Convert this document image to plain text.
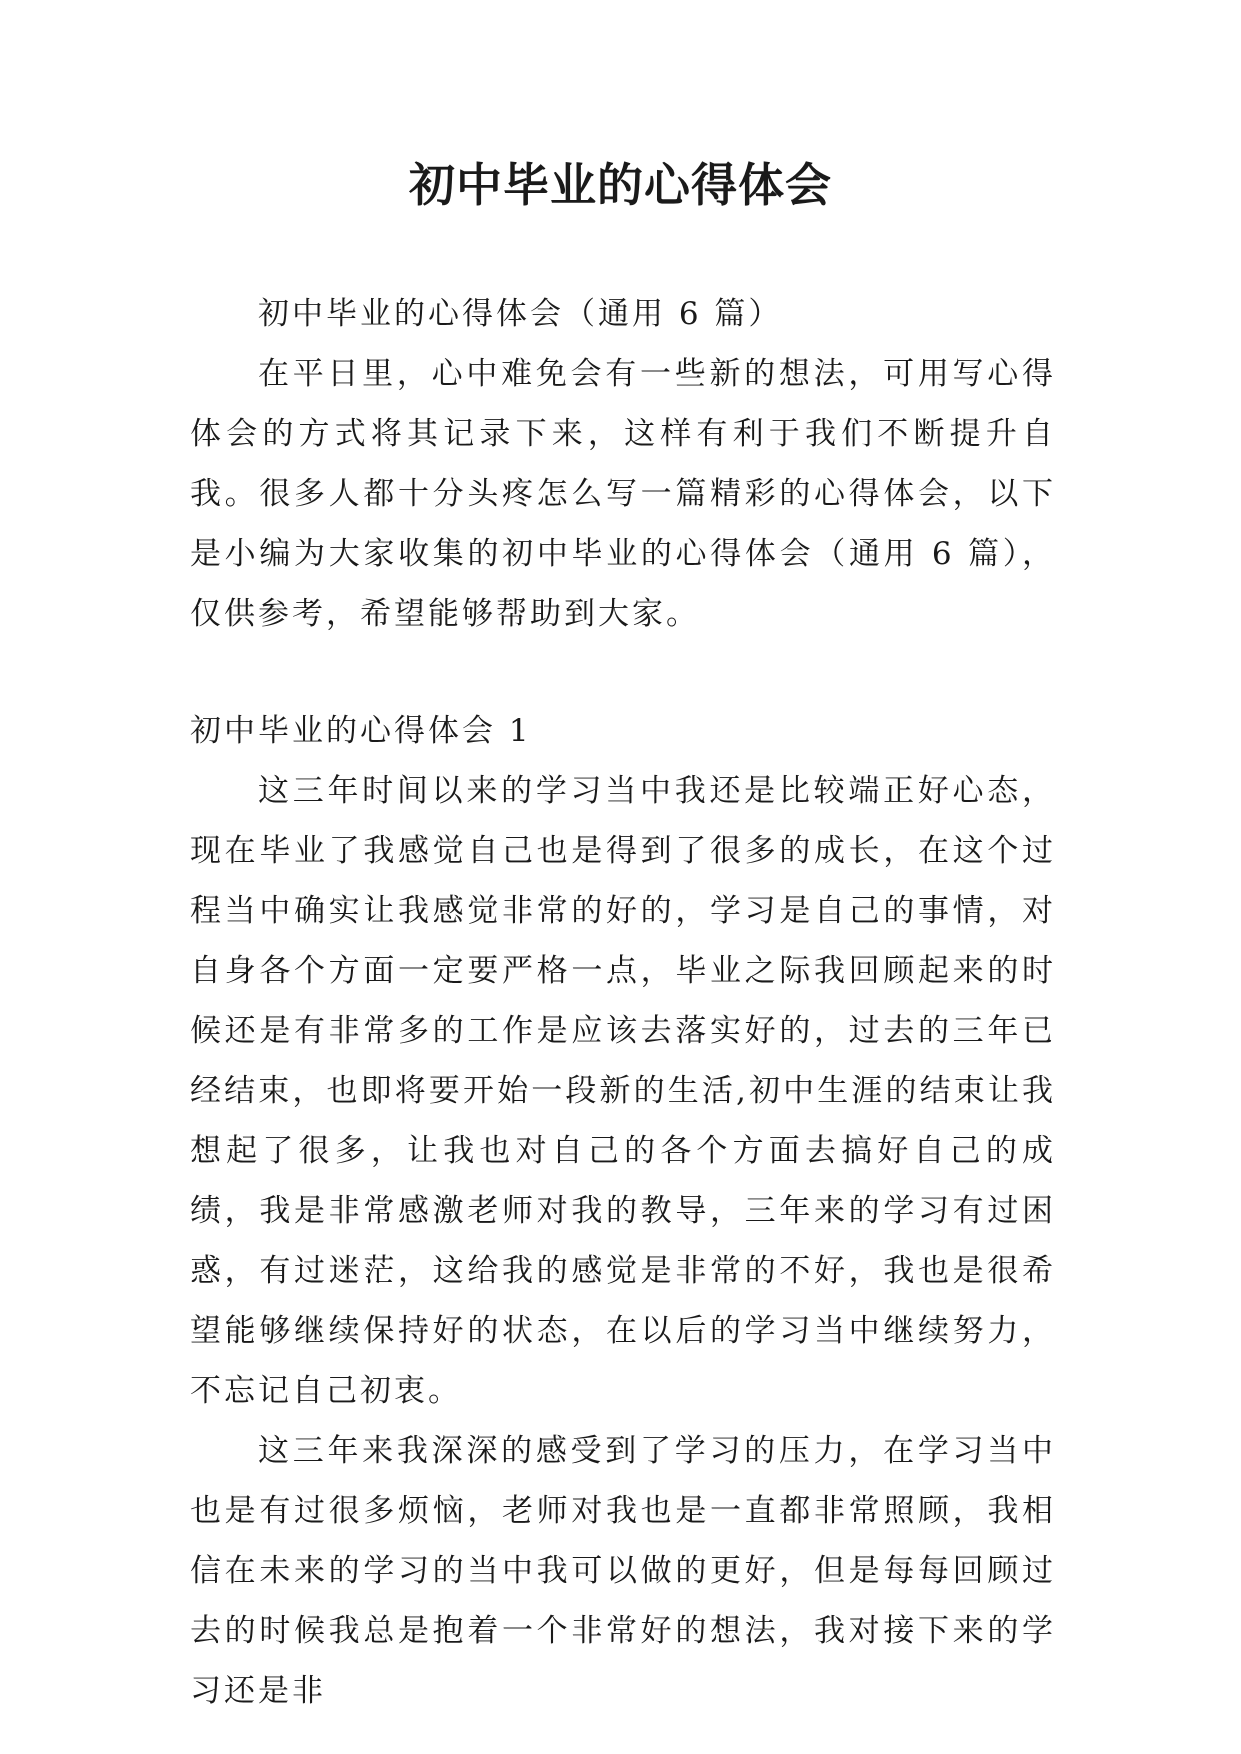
初中毕业的心得体会

初中毕业的心得体会（通用 6 篇）

在平日里，心中难免会有一些新的想法，可用写心得体会的方式将其记录下来，这样有利于我们不断提升自我。很多人都十分头疼怎么写一篇精彩的心得体会，以下是小编为大家收集的初中毕业的心得体会（通用 6 篇），仅供参考，希望能够帮助到大家。

初中毕业的心得体会 1

这三年时间以来的学习当中我还是比较端正好心态，现在毕业了我感觉自己也是得到了很多的成长，在这个过程当中确实让我感觉非常的好的，学习是自己的事情，对自身各个方面一定要严格一点，毕业之际我回顾起来的时候还是有非常多的工作是应该去落实好的，过去的三年已经结束，也即将要开始一段新的生活,初中生涯的结束让我想起了很多，让我也对自己的各个方面去搞好自己的成绩，我是非常感激老师对我的教导，三年来的学习有过困惑，有过迷茫，这给我的感觉是非常的不好，我也是很希望能够继续保持好的状态，在以后的学习当中继续努力，不忘记自己初衷。

这三年来我深深的感受到了学习的压力，在学习当中也是有过很多烦恼，老师对我也是一直都非常照顾，我相信在未来的学习的当中我可以做的更好，但是每每回顾过去的时候我总是抱着一个非常好的想法，我对接下来的学习还是非
